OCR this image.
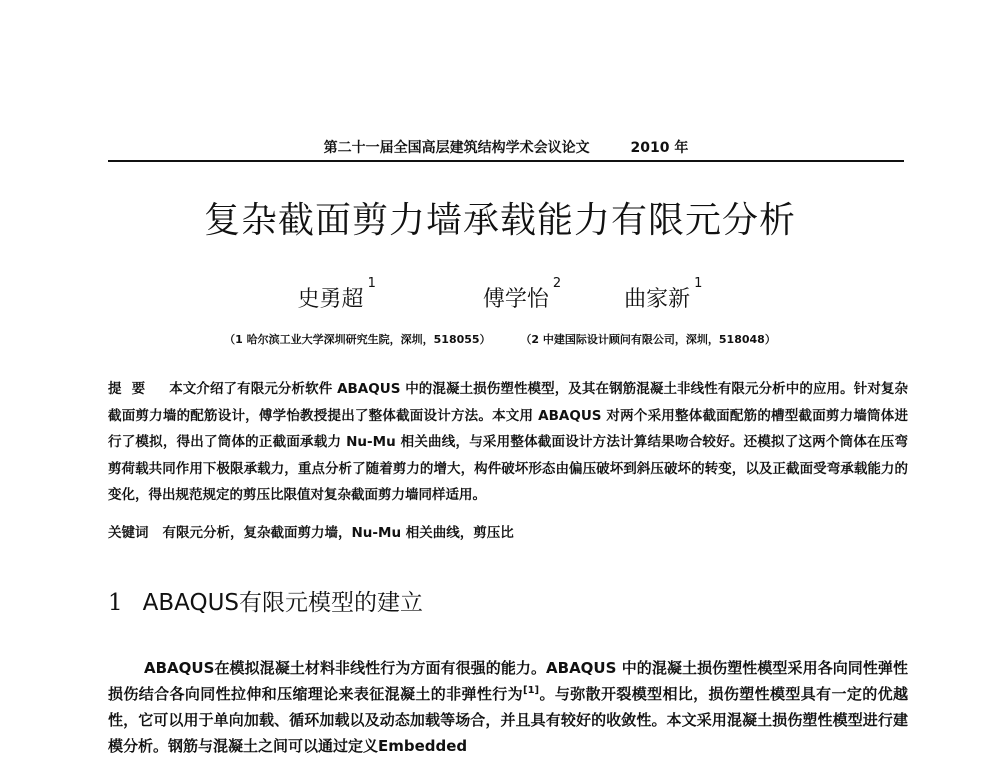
第二十一届全国高层建筑结构学术会议论文	2010 年
复杂截面剪力墙承载能力有限元分析
史勇超$^1$ 傅学怡$^2$ 曲家新$^1$
（1 哈尔滨工业大学深圳研究生院，深圳，518055）	（2 中建国际设计顾问有限公司，深圳，518048）
提要 本文介绍了有限元分析软件 ABAQUS 中的混凝土损伤塑性模型，及其在钢筋混凝土非线性有限元分析中的应用。针对复杂截面剪力墙的配筋设计，傅学怡教授提出了整体截面设计方法。本文用 ABAQUS 对两个采用整体截面配筋的槽型截面剪力墙筒体进行了模拟，得出了筒体的正截面承载力 Nu-Mu 相关曲线，与采用整体截面设计方法计算结果吻合较好。还模拟了这两个筒体在压弯剪荷载共同作用下极限承载力，重点分析了随着剪力的增大，构件破坏形态由偏压破坏到斜压破坏的转变，以及正截面受弯承载能力的变化，得出规范规定的剪压比限值对复杂截面剪力墙同样适用。
关键词 有限元分析，复杂截面剪力墙，Nu-Mu 相关曲线，剪压比
1 ABAQUS有限元模型的建立
ABAQUS在模拟混凝土材料非线性行为方面有很强的能力。ABAQUS 中的混凝土损伤塑性模型采用各向同性弹性损伤结合各向同性拉伸和压缩理论来表征混凝土的非弹性行为[1]。与弥散开裂模型相比，损伤塑性模型具有一定的优越性，它可以用于单向加载、循环加载以及动态加载等场合，并且具有较好的收敛性。本文采用混凝土损伤塑性模型进行建模分析。钢筋与混凝土之间可以通过定义Embedded
